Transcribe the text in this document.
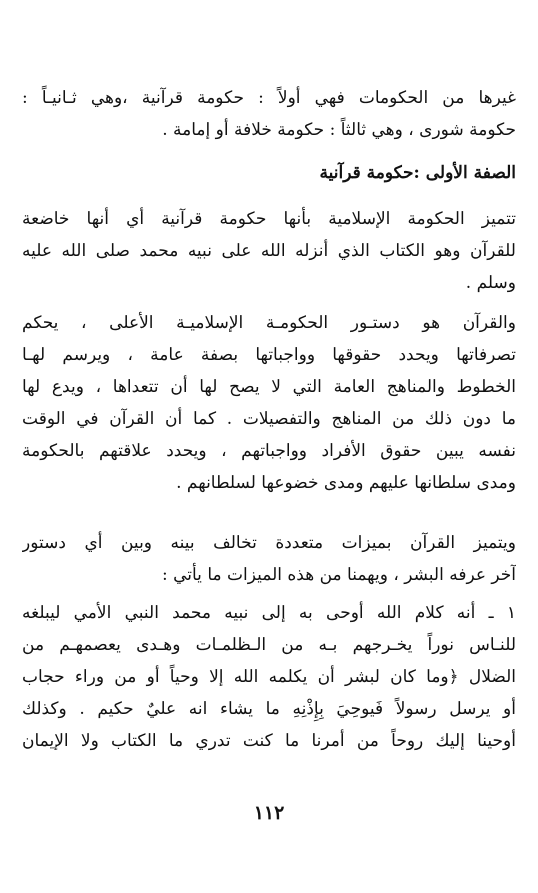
غيرها من الحكومات فهي أولاً : حكومة قرآنية ،وهي ثـانيـاً :
حكومة شورى ، وهي ثالثاً : حكومة خلافة أو إمامة .
الصفة الأولى :حكومة قرآنية
تتميز الحكومة الإسلامية بأنها حكومة قرآنية أي أنها خاضعة
للقرآن وهو الكتاب الذي أنزله الله على نبيه محمد صلى الله عليه
وسلم .
والقرآن هو دستـور الحكومـة الإسلاميـة الأعلى ، يحكم
تصرفاتها ويحدد حقوقها وواجباتها بصفة عامة ، ويرسم لهـا
الخطوط والمناهج العامة التي لا يصح لها أن تتعداها ، ويدع لها
ما دون ذلك من المناهج والتفصيلات . كما أن القرآن في الوقت
نفسه يبين حقوق الأفراد وواجباتهم ، ويحدد علاقتهم بالحكومة
ومدى سلطانها عليهم ومدى خضوعها لسلطانهم .
ويتميز القرآن بميزات متعددة تخالف بينه وبين أي دستور
آخر عرفه البشر ، ويهمنا من هذه الميزات ما يأتي :
١ ـ أنه كلام الله أوحى به إلى نبيه محمد النبي الأمي ليبلغه
للنـاس نوراً يخـرجهم بـه من الـظلمـات وهـدى يعصمهـم من
الضلال ﴿وما كان لبشر أن يكلمه الله إلا وحياً أو من وراء حجاب
أو يرسل رسولاً فَيوحِيَ بِإِذْنِهِ ما يشاء انه عليٌ حكيم . وكذلك
أوحينا إليك روحاً من أمرنا ما كنت تدري ما الكتاب ولا الإيمان
١١٢
